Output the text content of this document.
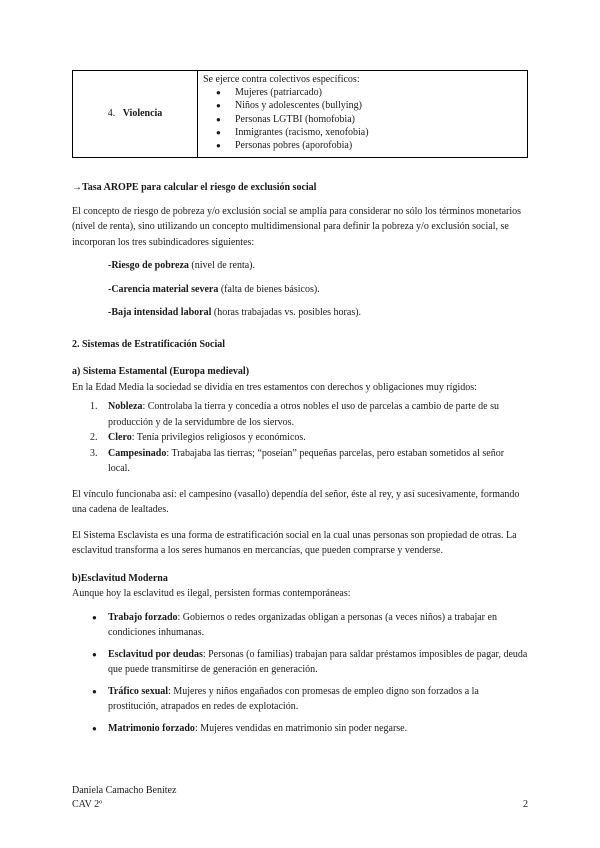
4. Violencia	
Se ejerce contra colectivos específicos:
● Mujeres (patriarcado)
● Niños y adolescentes (bullying)
● Personas LGTBI (homofobia)
● Inmigrantes (racismo, xenofobia)
● Personas pobres (aporofobia)

→Tasa AROPE para calcular el riesgo de exclusión social

El concepto de riesgo de pobreza y/o exclusión social se amplía para considerar no sólo los términos monetarios (nivel de renta), sino utilizando un concepto multidimensional para definir la pobreza y/o exclusión social, se incorporan los tres subindicadores siguientes:

-Riesgo de pobreza (nivel de renta).

-Carencia material severa (falta de bienes básicos).

-Baja intensidad laboral (horas trabajadas vs. posibles horas).

2. Sistemas de Estratificación Social

a) Sistema Estamental (Europa medieval)

En la Edad Media la sociedad se dividía en tres estamentos con derechos y obligaciones muy rígidos:

1. Nobleza: Controlaba la tierra y concedía a otros nobles el uso de parcelas a cambio de parte de su producción y de la servidumbre de los siervos.
2. Clero: Tenía privilegios religiosos y económicos.
3. Campesinado: Trabajaba las tierras; “poseían” pequeñas parcelas, pero estaban sometidos al señor local.

El vínculo funcionaba así: el campesino (vasallo) dependía del señor, éste al rey, y así sucesivamente, formando una cadena de lealtades.

El Sistema Esclavista es una forma de estratificación social en la cual unas personas son propiedad de otras. La esclavitud transforma a los seres humanos en mercancías, que pueden comprarse y venderse.

b)Esclavitud Moderna

Aunque hoy la esclavitud es ilegal, persisten formas contemporáneas:

● Trabajo forzado: Gobiernos o redes organizadas obligan a personas (a veces niños) a trabajar en condiciones inhumanas.
● Esclavitud por deudas: Personas (o familias) trabajan para saldar préstamos imposibles de pagar, deuda que puede transmitirse de generación en generación.
● Tráfico sexual: Mujeres y niños engañados con promesas de empleo digno son forzados a la prostitución, atrapados en redes de explotación.
● Matrimonio forzado: Mujeres vendidas en matrimonio sin poder negarse.
Daniela Camacho Benítez
CAV 2º	2
